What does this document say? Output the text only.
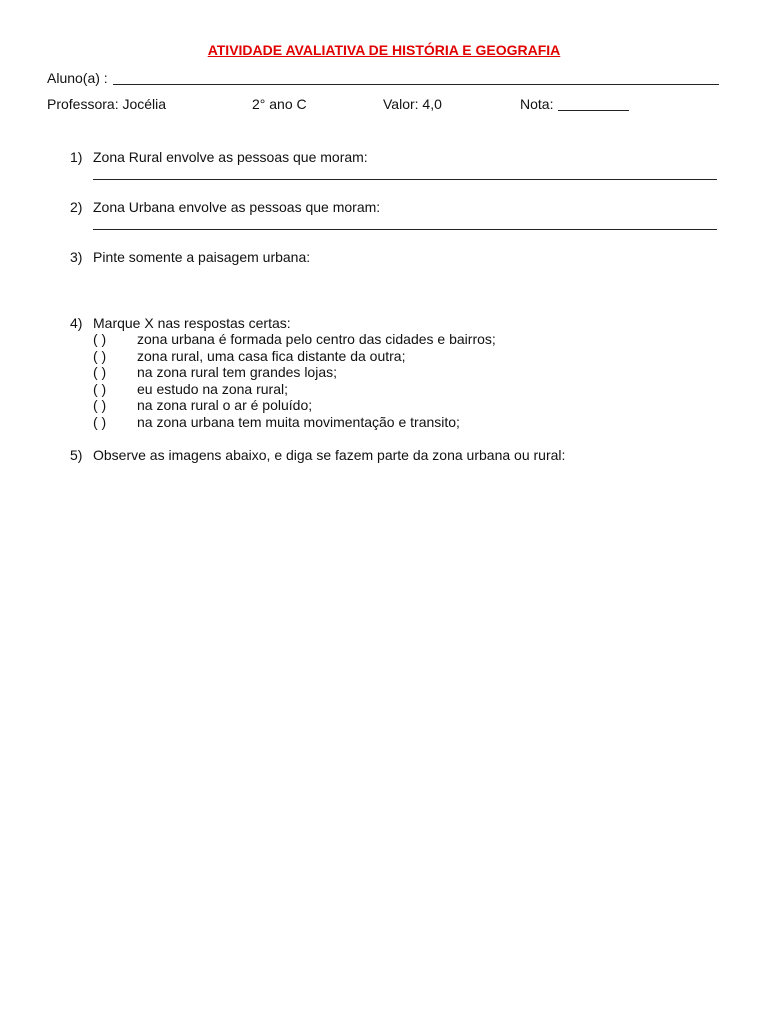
ATIVIDADE AVALIATIVA DE HISTÓRIA E GEOGRAFIA
Aluno(a) :
Professora: Jocélia	2° ano C	Valor: 4,0	Nota:
1) Zona Rural envolve as pessoas que moram:
2) Zona Urbana envolve as pessoas que moram:
3) Pinte somente a paisagem urbana:
4) Marque X nas respostas certas:
( ) zona urbana é formada pelo centro das cidades e bairros;
( ) zona rural, uma casa fica distante da outra;
( ) na zona rural tem grandes lojas;
( ) eu estudo na zona rural;
( ) na zona rural o ar é poluído;
( ) na zona urbana tem muita movimentação e transito;
5) Observe as imagens abaixo, e diga se fazem parte da zona urbana ou rural:
